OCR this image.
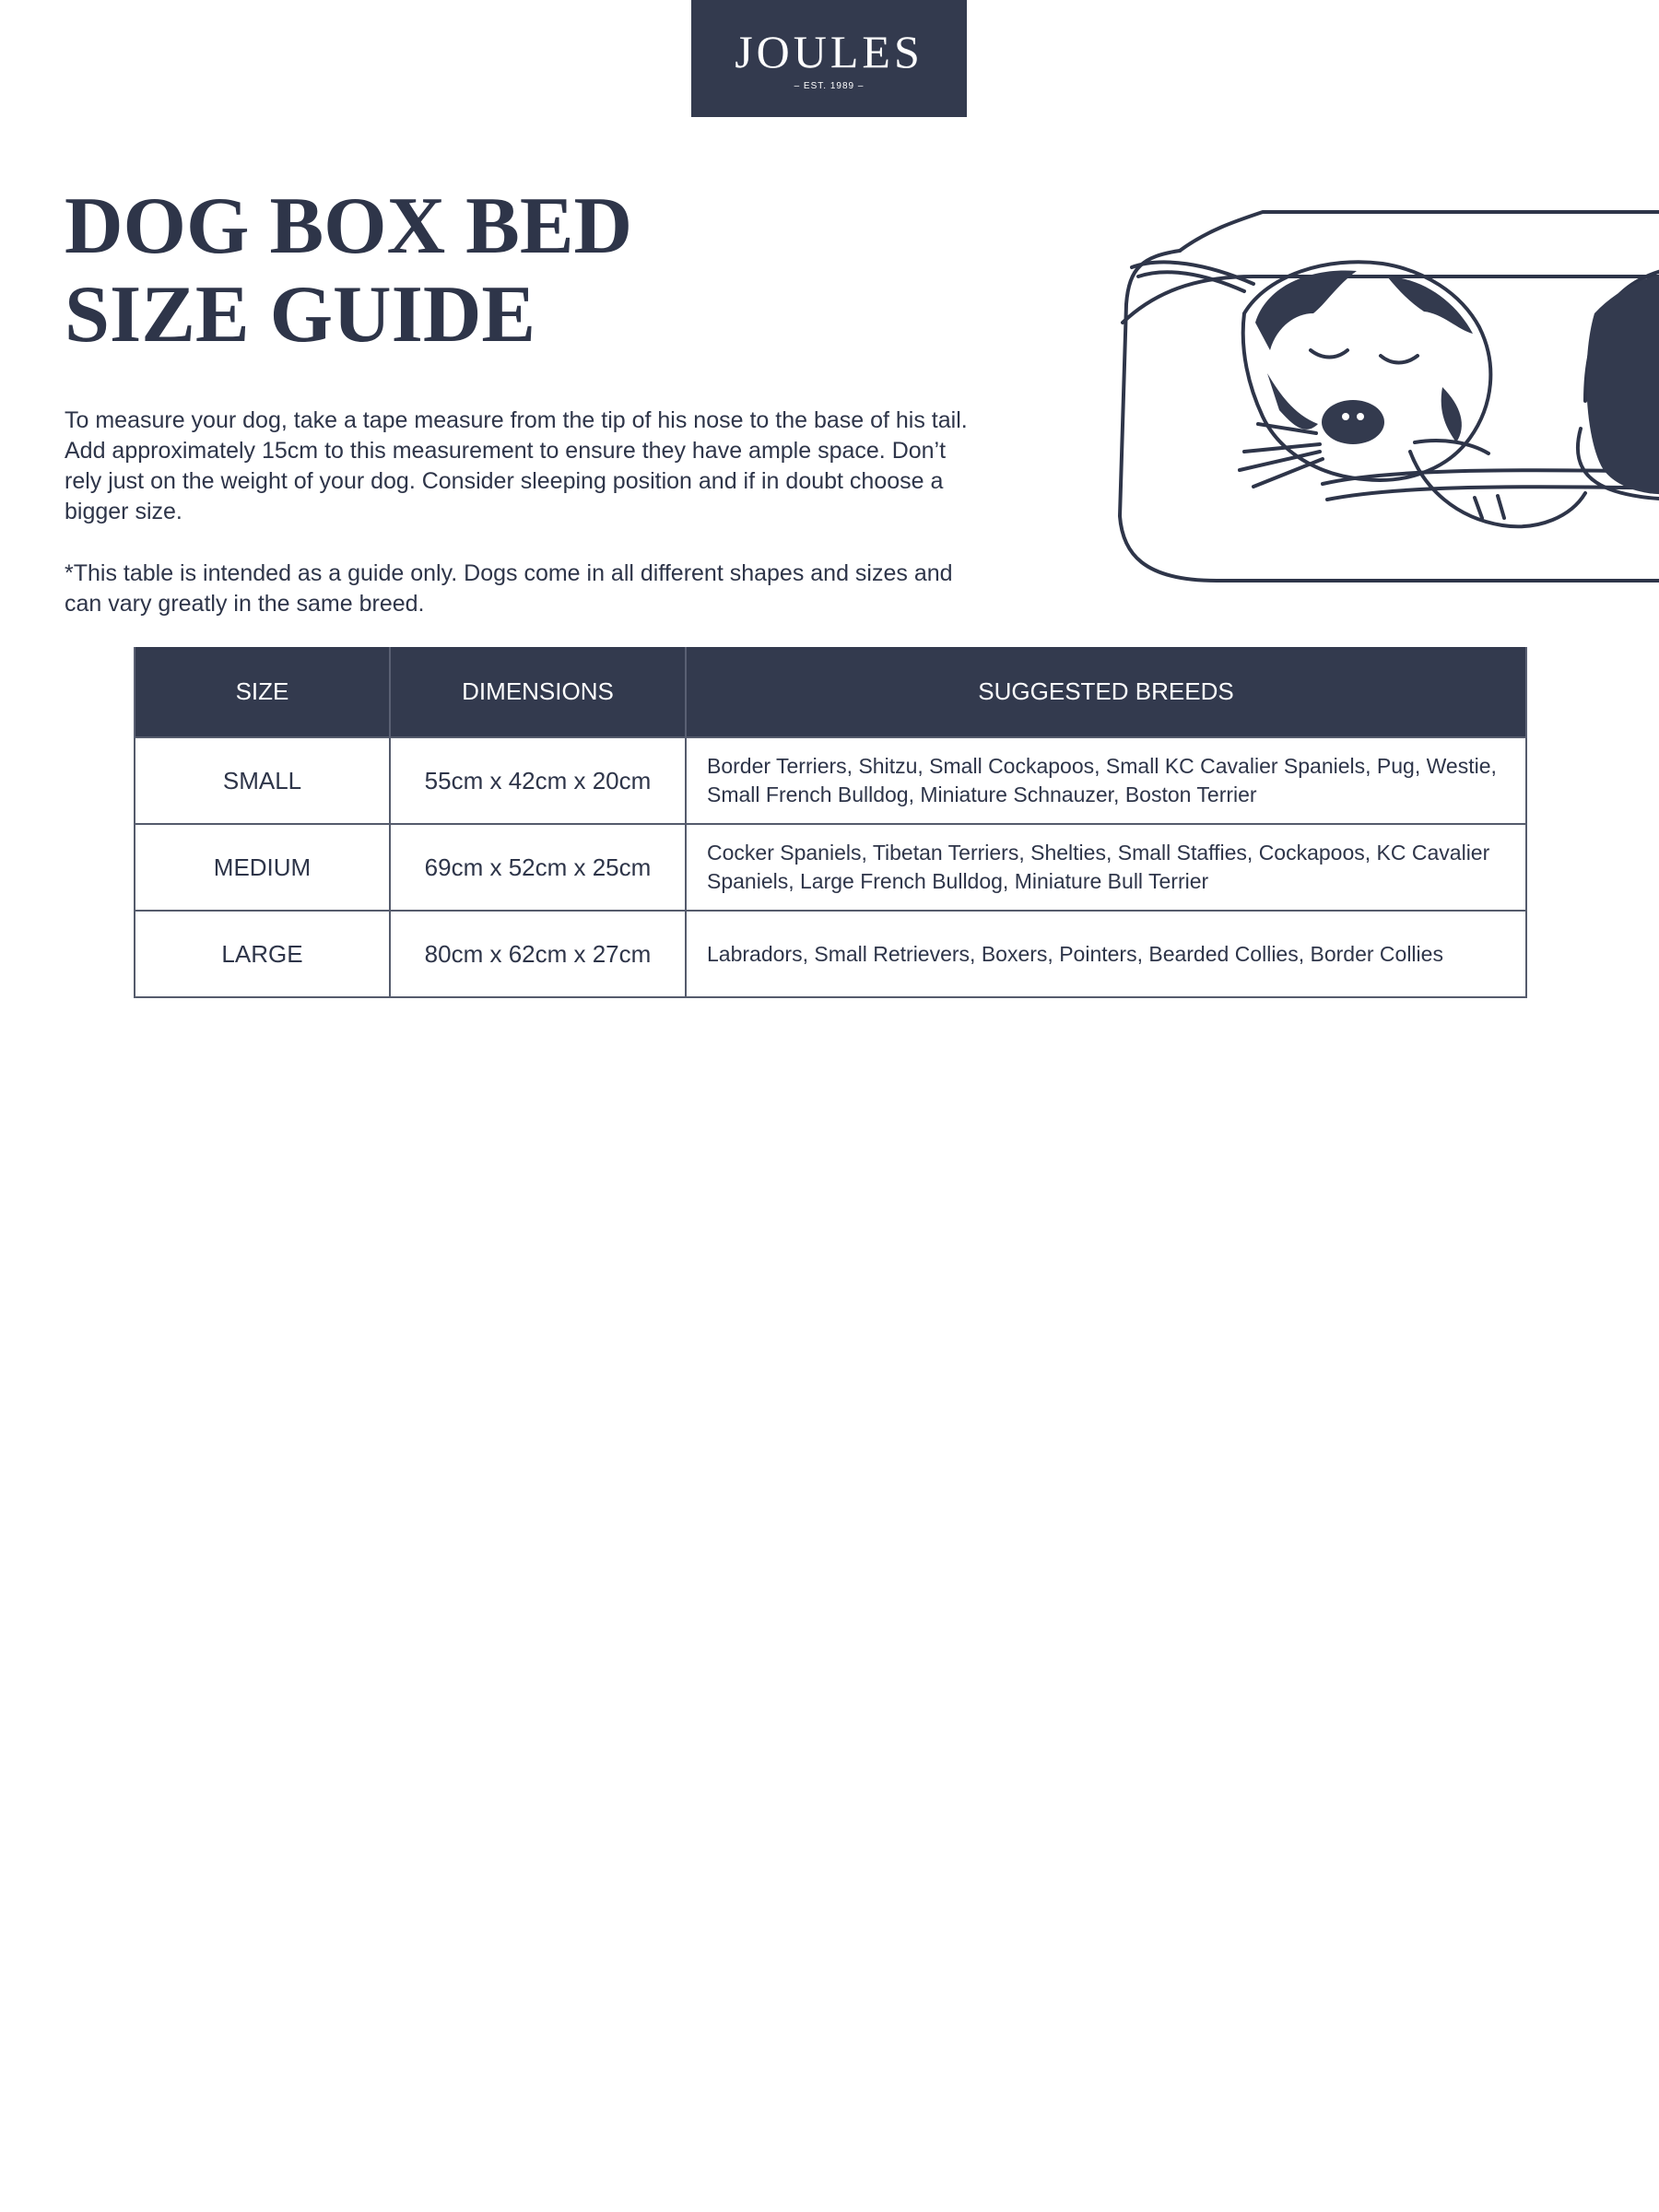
JOULES
– EST. 1989 –
DOG BOX BED
SIZE GUIDE

To measure your dog, take a tape measure from the tip of his nose to the base of his tail. Add approximately 15cm to this measurement to ensure they have ample space. Don’t rely just on the weight of your dog. Consider sleeping position and if in doubt choose a bigger size.

*This table is intended as a guide only. Dogs come in all different shapes and sizes and can vary greatly in the same breed.

SIZE	DIMENSIONS	SUGGESTED BREEDS
SMALL	55cm x 42cm x 20cm	Border Terriers, Shitzu, Small Cockapoos, Small KC Cavalier Spaniels, Pug, Westie, Small French Bulldog, Miniature Schnauzer, Boston Terrier
MEDIUM	69cm x 52cm x 25cm	Cocker Spaniels, Tibetan Terriers, Shelties, Small Staffies, Cockapoos, KC Cavalier Spaniels, Large French Bulldog, Miniature Bull Terrier
LARGE	80cm x 62cm x 27cm	Labradors, Small Retrievers, Boxers, Pointers, Bearded Collies, Border Collies
